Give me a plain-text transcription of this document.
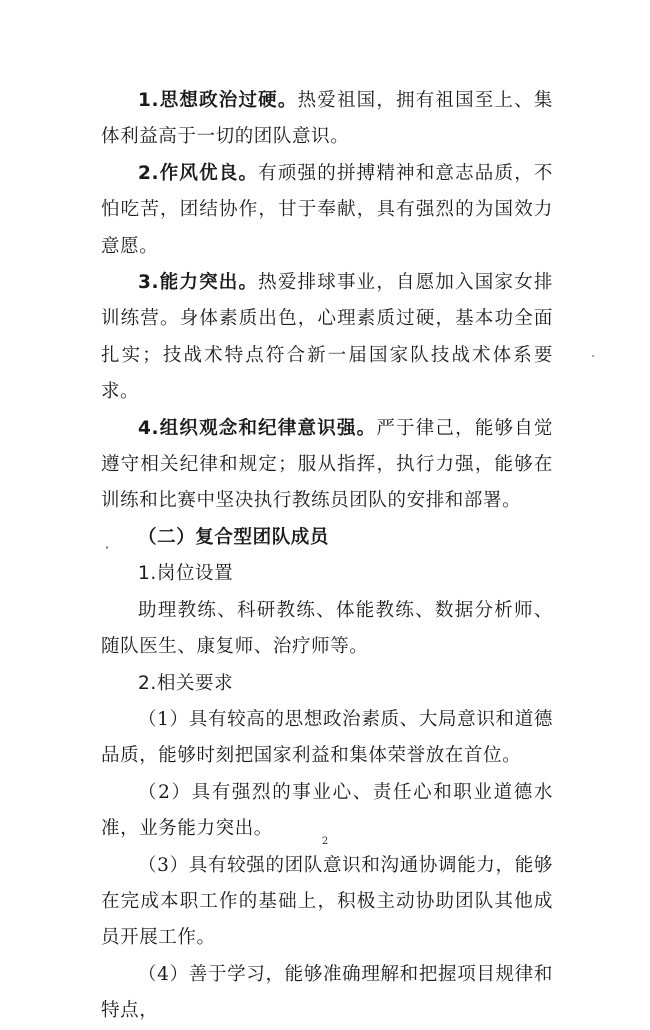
1.思想政治过硬。热爱祖国，拥有祖国至上、集体利益高于一切的团队意识。

2.作风优良。有顽强的拼搏精神和意志品质，不怕吃苦，团结协作，甘于奉献，具有强烈的为国效力意愿。

3.能力突出。热爱排球事业，自愿加入国家女排训练营。身体素质出色，心理素质过硬，基本功全面扎实；技战术特点符合新一届国家队技战术体系要求。

4.组织观念和纪律意识强。严于律己，能够自觉遵守相关纪律和规定；服从指挥，执行力强，能够在训练和比赛中坚决执行教练员团队的安排和部署。

（二）复合型团队成员

1.岗位设置

助理教练、科研教练、体能教练、数据分析师、随队医生、康复师、治疗师等。

2.相关要求

（1）具有较高的思想政治素质、大局意识和道德品质，能够时刻把国家利益和集体荣誉放在首位。

（2）具有强烈的事业心、责任心和职业道德水准，业务能力突出。

（3）具有较强的团队意识和沟通协调能力，能够在完成本职工作的基础上，积极主动协助团队其他成员开展工作。

（4）善于学习，能够准确理解和把握项目规律和特点，

2
